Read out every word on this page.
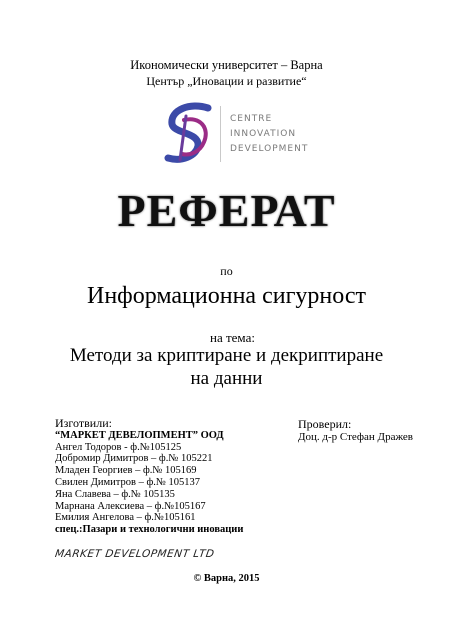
Икономически университет – Варна
Център „Иновации и развитие“
CENTRE
INNOVATION
DEVELOPMENT
РЕФЕРАТ
по
Информационна сигурност
на тема:
Методи за криптиране и декриптиране
на данни
Изготвили:
“МАРКЕТ ДЕВЕЛОПМЕНТ” ООД
Ангел Тодоров - ф.№105125
Добромир Димитров – ф.№ 105221
Младен Георгиев – ф.№ 105169
Свилен Димитров – ф.№ 105137
Яна Славева – ф.№ 105135
Марнана Алексиева – ф.№105167
Емилия Ангелова – ф.№105161
спец.:Пазари и технологични иновации
Проверил:
Доц. д-р Стефан Дражев
MARKET DEVELOPMENT LTD
© Варна, 2015
